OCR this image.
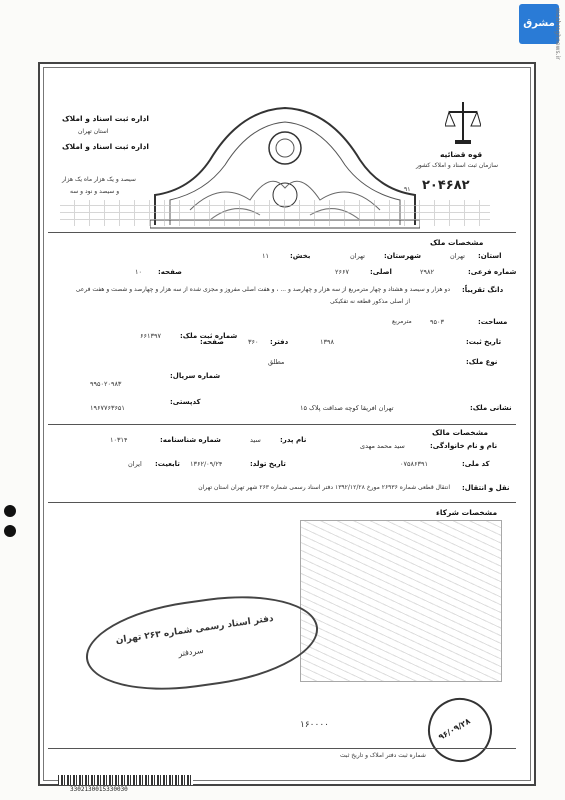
مشرق mashreghnews.ir
اداره ثبت اسناد و املاک
استان تهران
اداره ثبت اسناد و املاک
سیصد و یک هزار ماه یک هزار
و سیصد و نود و سه
قوه قضائیه
سازمان ثبت اسناد و املاک کشور
۲۰۴۶۸۲
۹۱
مشخصات ملک
استان:
تهران
شهرستان:
تهران
بخش:
۱۱
شماره فرعی:
۲۹۸۲
اصلی:
۲۶۶۷
صفحه:
۱۰
دانگ تقریباً:
دو هزار و سیصد و هشتاد و چهار مترمربع از سه هزار و چهارصد و ... ، و هفت اصلی مفروز و مجزی شده از سه هزار و چهارصد و شصت و هفت فرعی
از اصلی مذکور قطعه نه تفکیکی
مساحت:
۹۵۰۳
مترمربع
تاریخ ثبت:
۱۳۹۸
دفتر:
۳۶۰
صفحه:
شماره ثبت ملک:
۶۶۱۳۹۷
نوع ملک:
مطلق
شماره سریال:
۹۹۵۰۲۰۹۸۳
کدپستی:
۱۹۶۷۷۶۳۶۵۱	نشانی ملک:
تهران افریقا کوچه صداقت پلاک ۱۵
مشخصات مالک
نام و نام خانوادگی:
سید محمد مهدی
نام پدر:
سید
شماره شناسنامه:
۱۰۳۱۴
کد ملی:
۰۷۵۸۶۳۹۱
تاریخ تولد:
۱۳۶۲/۰۹/۲۴
تابعیت:
ایران
نقل و انتقال:
انتقال قطعی شماره ۲۶۹۳۶ مورخ ۱۳۹۲/۱۲/۲۸ دفتر اسناد رسمی شماره ۲۶۳ شهر تهران استان تهران
مشخصات شرکاء
دفتر اسناد رسمی شماره ۲۶۳ تهران
سردفتر
۹۶/۰۹/۲۸
۱۶۰۰۰۰
شماره ثبت دفتر املاک و تاریخ ثبت
3302130015330030
